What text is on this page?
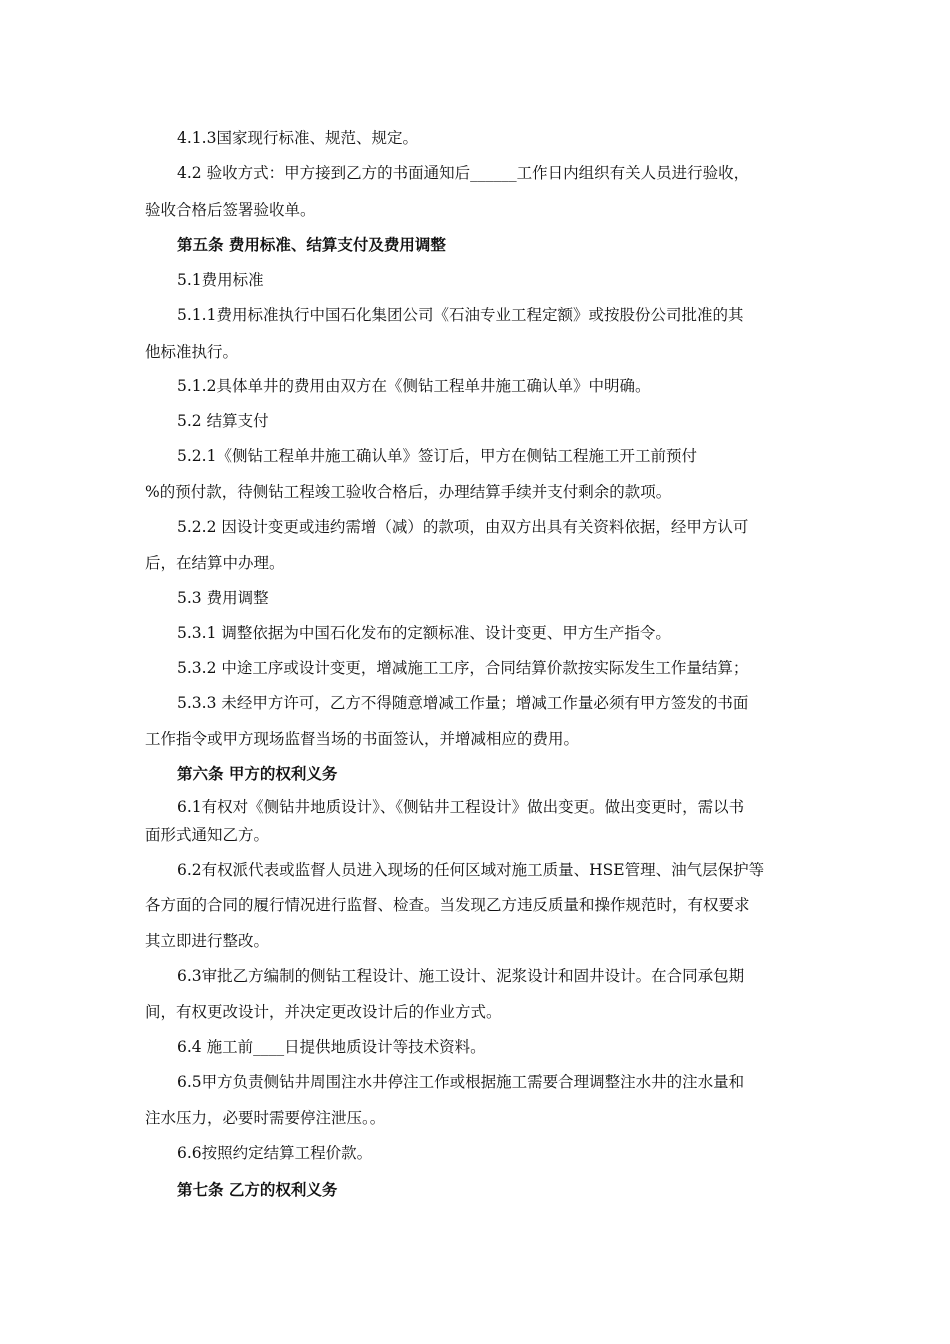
4.1.3国家现行标准、规范、规定。
4.2 验收方式：甲方接到乙方的书面通知后______工作日内组织有关人员进行验收，
验收合格后签署验收单。
第五条 费用标准、结算支付及费用调整
5.1费用标准
5.1.1费用标准执行中国石化集团公司《石油专业工程定额》或按股份公司批准的其
他标准执行。
5.1.2具体单井的费用由双方在《侧钻工程单井施工确认单》中明确。
5.2 结算支付
5.2.1《侧钻工程单井施工确认单》签订后，甲方在侧钻工程施工开工前预付
%的预付款，待侧钻工程竣工验收合格后，办理结算手续并支付剩余的款项。
5.2.2 因设计变更或违约需增（减）的款项，由双方出具有关资料依据，经甲方认可
后，在结算中办理。
5.3 费用调整
5.3.1 调整依据为中国石化发布的定额标准、设计变更、甲方生产指令。
5.3.2 中途工序或设计变更，增减施工工序，合同结算价款按实际发生工作量结算；
5.3.3 未经甲方许可，乙方不得随意增减工作量；增减工作量必须有甲方签发的书面
工作指令或甲方现场监督当场的书面签认，并增减相应的费用。
第六条 甲方的权利义务
6.1有权对《侧钻井地质设计》、《侧钻井工程设计》做出变更。做出变更时，需以书
面形式通知乙方。
6.2有权派代表或监督人员进入现场的任何区域对施工质量、HSE管理、油气层保护等
各方面的合同的履行情况进行监督、检查。当发现乙方违反质量和操作规范时，有权要求
其立即进行整改。
6.3审批乙方编制的侧钻工程设计、施工设计、泥浆设计和固井设计。在合同承包期
间，有权更改设计，并决定更改设计后的作业方式。
6.4 施工前____日提供地质设计等技术资料。
6.5甲方负责侧钻井周围注水井停注工作或根据施工需要合理调整注水井的注水量和
注水压力，必要时需要停注泄压。。
6.6按照约定结算工程价款。
第七条 乙方的权利义务
